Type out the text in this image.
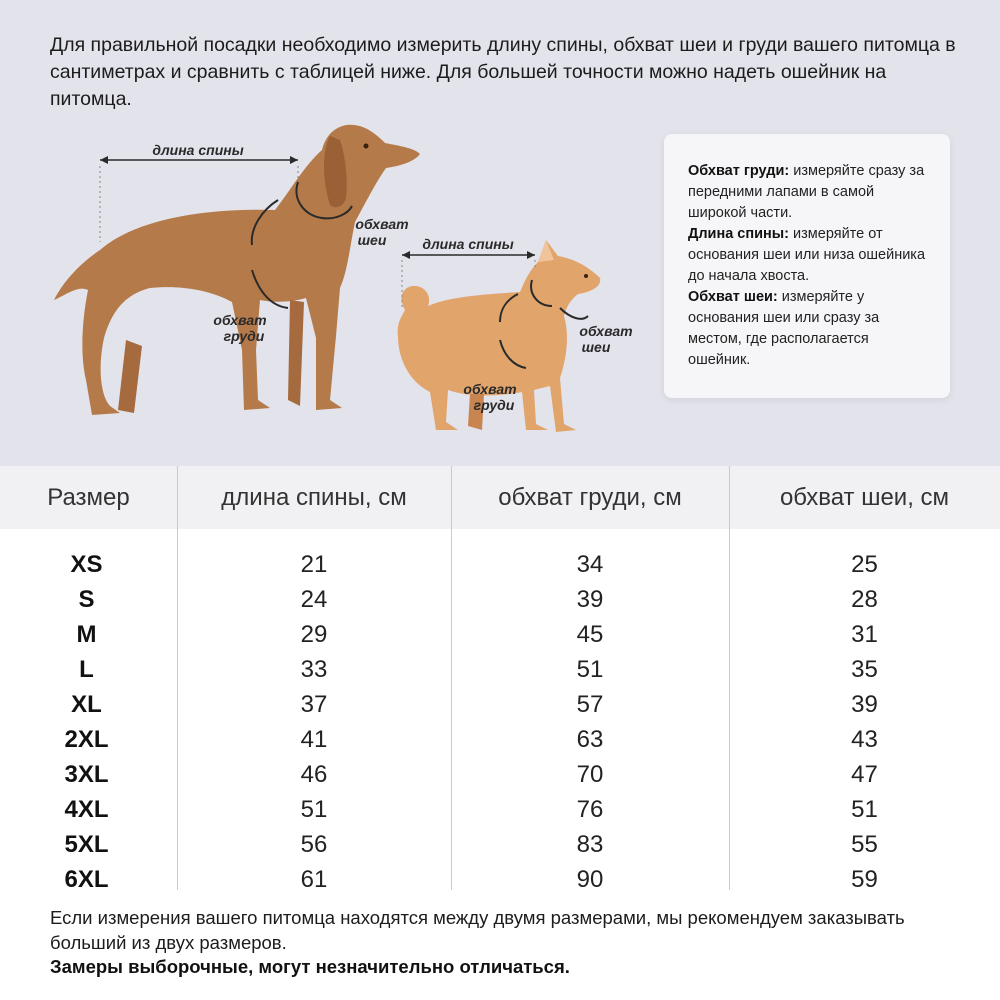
Для правильной посадки необходимо измерить длину спины, обхват шеи и груди вашего питомца в сантиметрах и сравнить с таблицей ниже. Для большей точности можно надеть ошейник на питомца.

длина спины
обхват
шеи
обхват
груди
длина спины
обхват
шеи
обхват
груди

Обхват груди: измеряйте сразу за передними лапами в самой широкой части.

Длина спины: измеряйте от основания шеи или низа ошейника до начала хвоста.

Обхват шеи: измеряйте у основания шеи или сразу за местом, где располагается ошейник.

Размер	длина спины, см	обхват груди, см	обхват шеи, см
XS	21	34	25
S	24	39	28
M	29	45	31
L	33	51	35
XL	37	57	39
2XL	41	63	43
3XL	46	70	47
4XL	51	76	51
5XL	56	83	55
6XL	61	90	59
Если измерения вашего питомца находятся между двумя размерами, мы рекомендуем заказывать больший из двух размеров.
Замеры выборочные, могут незначительно отличаться.
